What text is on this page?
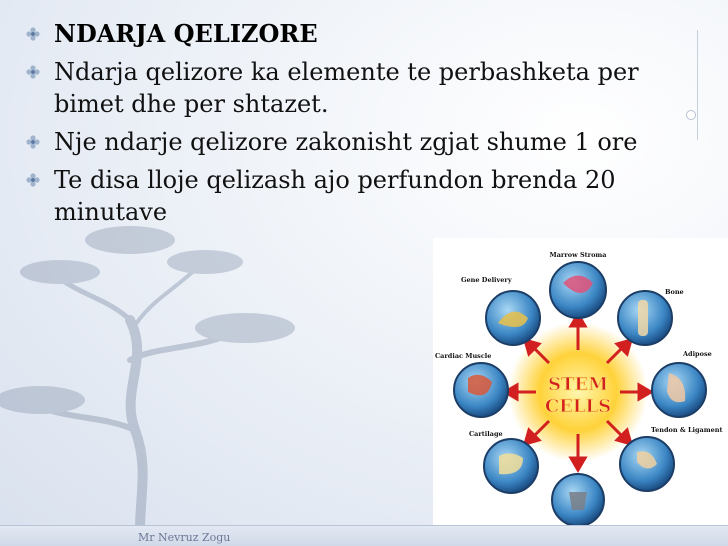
NDARJA QELIZORE
Ndarja qelizore ka elemente te perbashketa per bimet dhe per shtazet.
Nje ndarje qelizore zakonisht zgjat shume 1 ore
Te disa lloje qelizash ajo perfundon brenda 20 minutave
STEM
CELLS
Marrow Stroma
Gene Delivery
Bone
Cardiac Muscle	Adipose
Cartilage	Tendon & Ligament
Mr Nevruz Zogu
